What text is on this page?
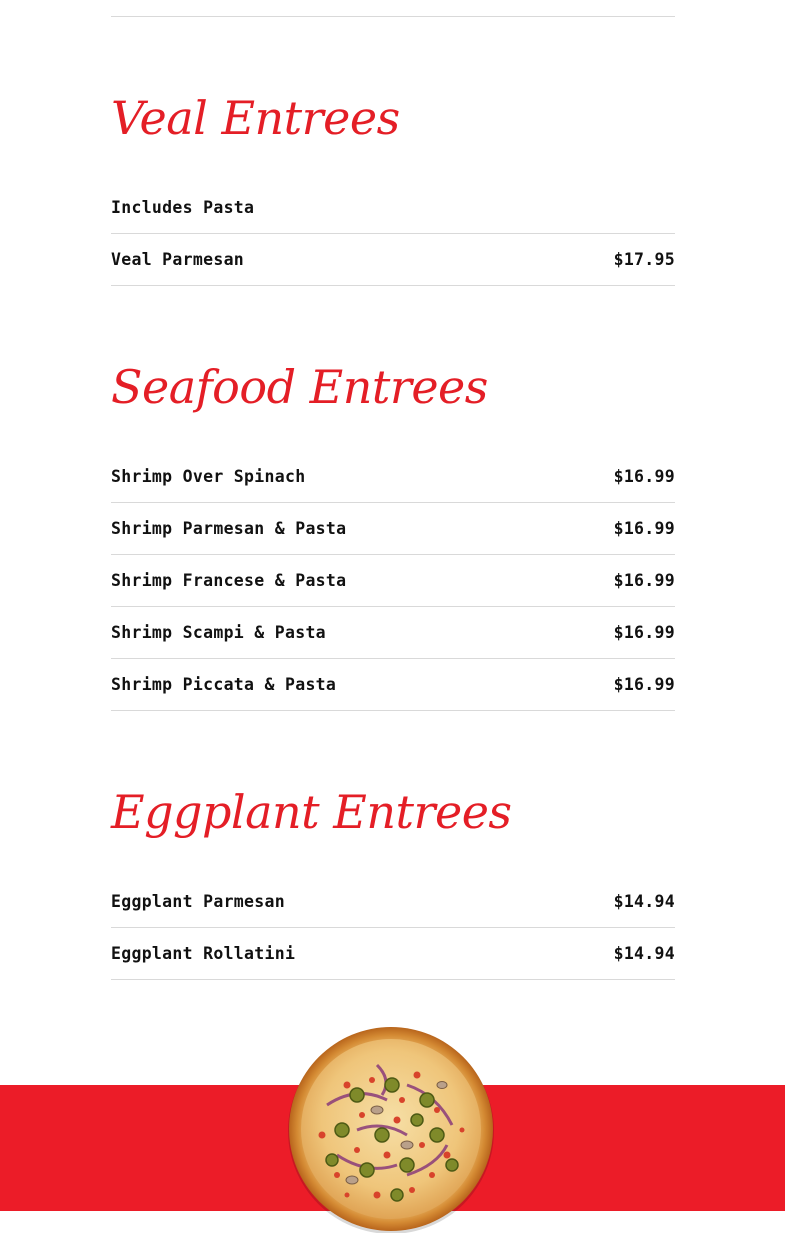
Veal Entrees
Includes Pasta
Veal Parmesan	$17.95
Seafood Entrees
Shrimp Over Spinach	$16.99
Shrimp Parmesan & Pasta	$16.99
Shrimp Francese & Pasta	$16.99
Shrimp Scampi & Pasta	$16.99
Shrimp Piccata & Pasta	$16.99
Eggplant Entrees
Eggplant Parmesan	$14.94
Eggplant Rollatini	$14.94
